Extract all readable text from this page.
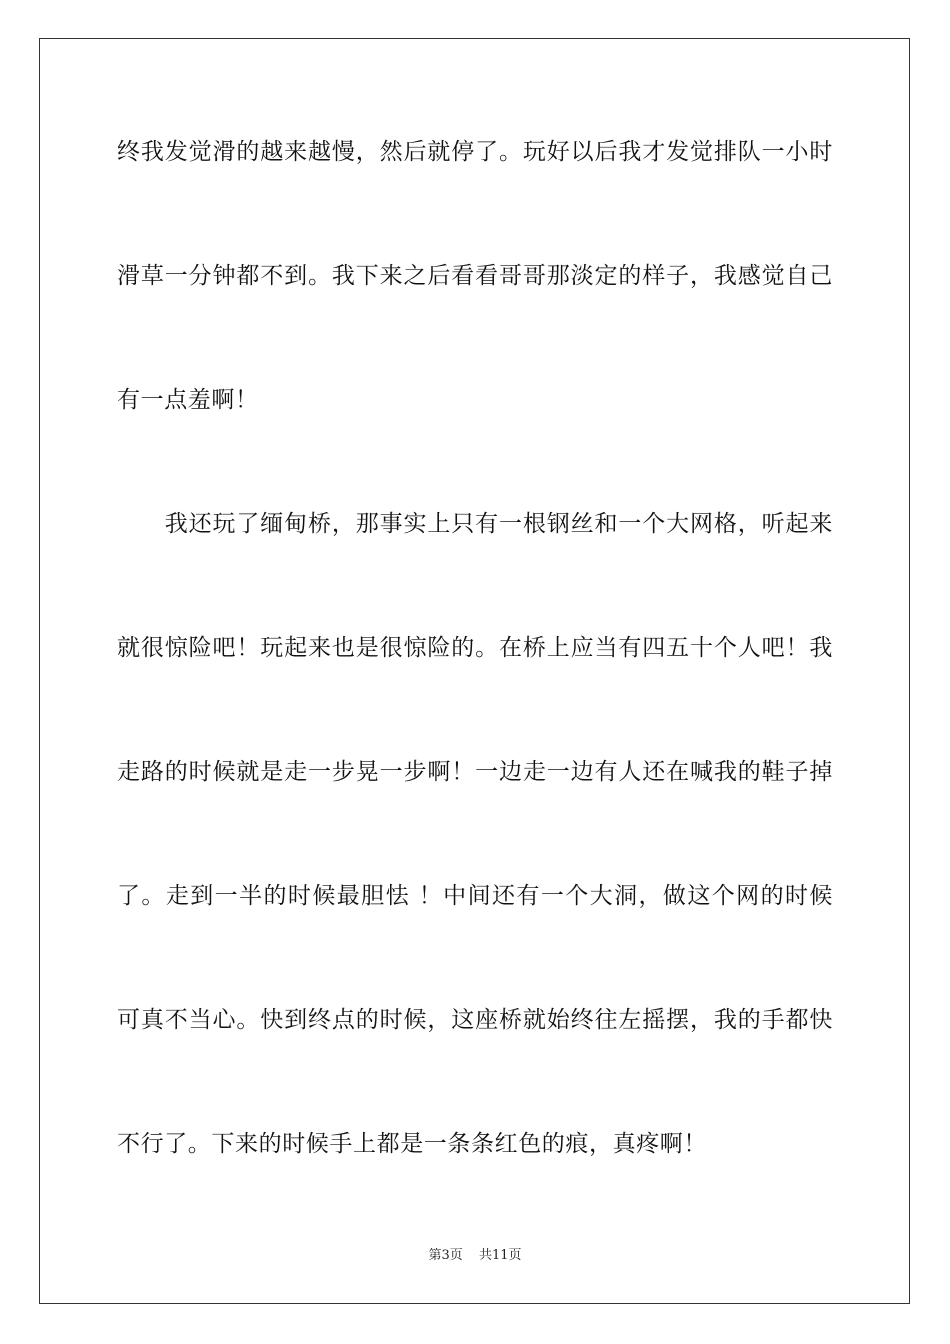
终我发觉滑的越来越慢，然后就停了。玩好以后我才发觉排队一小时
滑草一分钟都不到。我下来之后看看哥哥那淡定的样子，我感觉自己
有一点羞啊！
　　我还玩了缅甸桥，那事实上只有一根钢丝和一个大网格，听起来
就很惊险吧！玩起来也是很惊险的。在桥上应当有四五十个人吧！我
走路的时候就是走一步晃一步啊！一边走一边有人还在喊我的鞋子掉
了。走到一半的时候最胆怯 ！中间还有一个大洞，做这个网的时候
可真不当心。快到终点的时候，这座桥就始终往左摇摆，我的手都快
不行了。下来的时候手上都是一条条红色的痕，真疼啊！
第3页 共11页
